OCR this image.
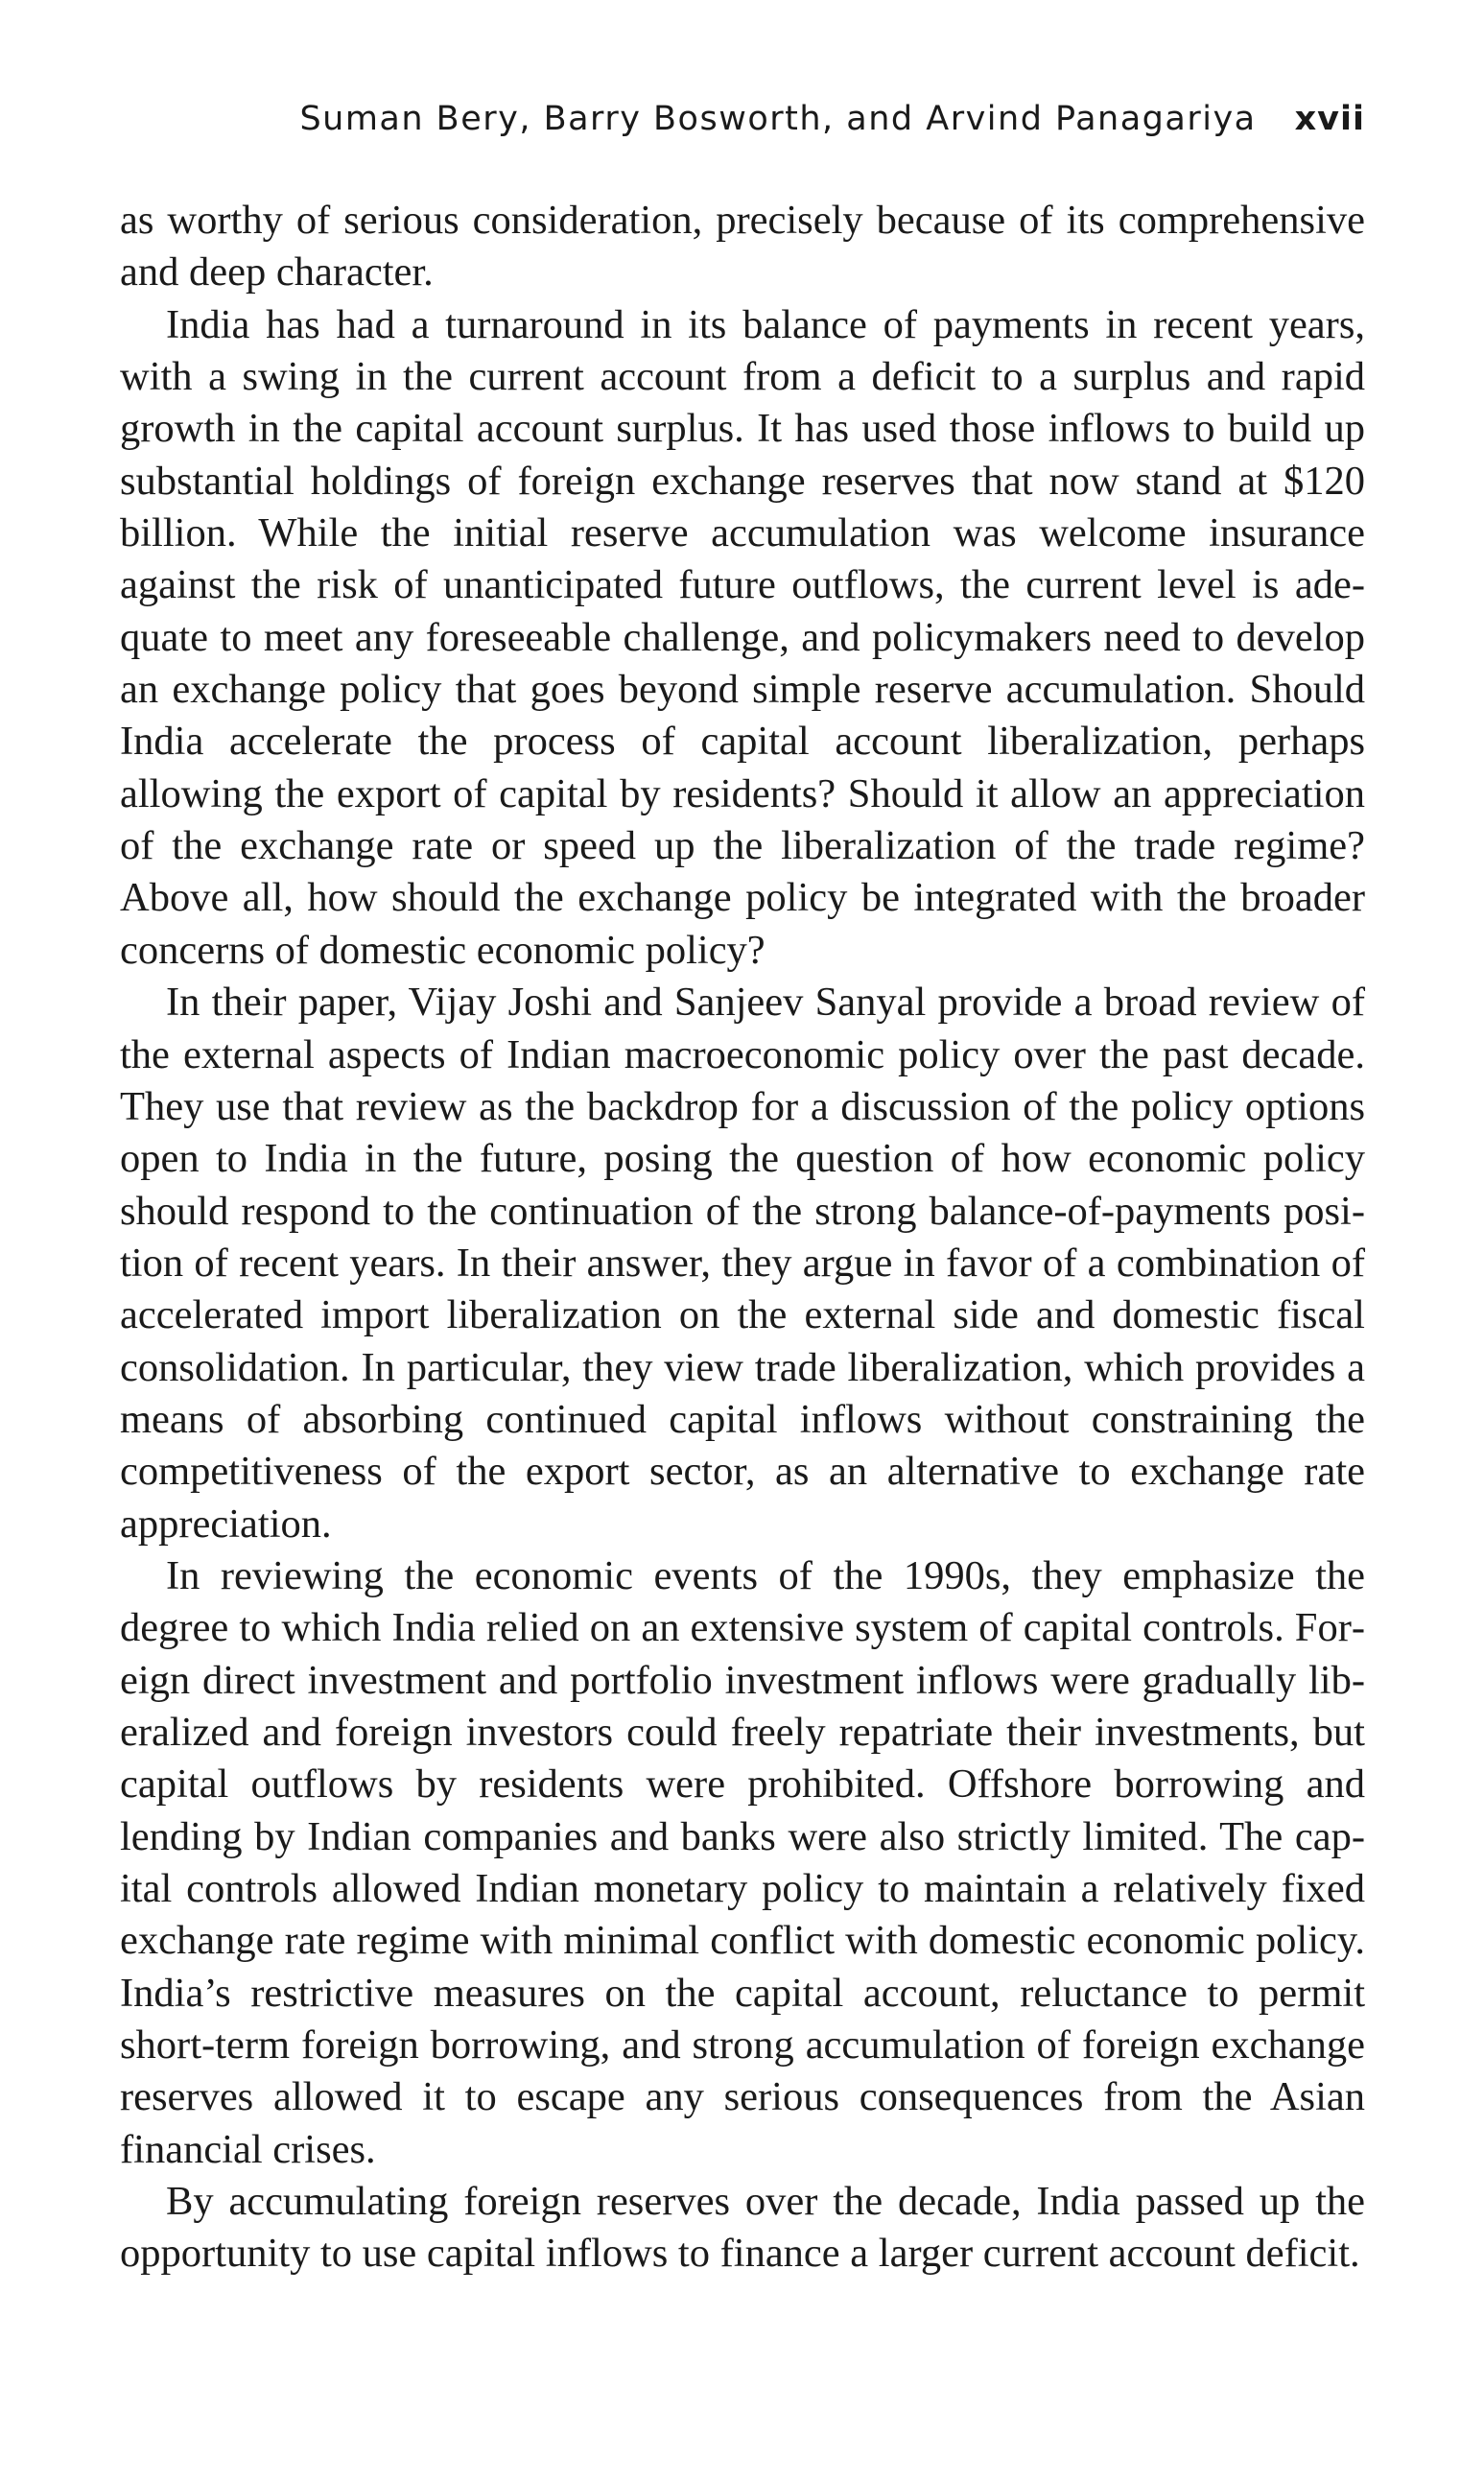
Suman Bery, Barry Bosworth, and Arvind Panagariya xvii

as worthy of serious consideration, precisely because of its comprehensive and deep character.

India has had a turnaround in its balance of payments in recent years, with a swing in the current account from a deficit to a surplus and rapid growth in the capital account surplus. It has used those inflows to build up substantial holdings of foreign exchange reserves that now stand at $120 billion. While the initial reserve accumulation was welcome insurance against the risk of unanticipated future outflows, the current level is adequate to meet any foreseeable challenge, and policymakers need to develop an exchange policy that goes beyond simple reserve accumulation. Should India accelerate the process of capital account liberalization, perhaps allowing the export of capital by residents? Should it allow an appreciation of the exchange rate or speed up the liberalization of the trade regime? Above all, how should the exchange policy be integrated with the broader concerns of domestic economic policy?

In their paper, Vijay Joshi and Sanjeev Sanyal provide a broad review of the external aspects of Indian macroeconomic policy over the past decade. They use that review as the backdrop for a discussion of the policy options open to India in the future, posing the question of how economic policy should respond to the continuation of the strong balance-of-payments position of recent years. In their answer, they argue in favor of a combination of accelerated import liberalization on the external side and domestic fiscal consolidation. In particular, they view trade liberalization, which provides a means of absorbing continued capital inflows without constraining the competitiveness of the export sector, as an alternative to exchange rate appreciation.

In reviewing the economic events of the 1990s, they emphasize the degree to which India relied on an extensive system of capital controls. Foreign direct investment and portfolio investment inflows were gradually liberalized and foreign investors could freely repatriate their investments, but capital outflows by residents were prohibited. Offshore borrowing and lending by Indian companies and banks were also strictly limited. The capital controls allowed Indian monetary policy to maintain a relatively fixed exchange rate regime with minimal conflict with domestic economic policy. India’s restrictive measures on the capital account, reluctance to permit short-term foreign borrowing, and strong accumulation of foreign exchange reserves allowed it to escape any serious consequences from the Asian financial crises.

By accumulating foreign reserves over the decade, India passed up the opportunity to use capital inflows to finance a larger current account deficit.
